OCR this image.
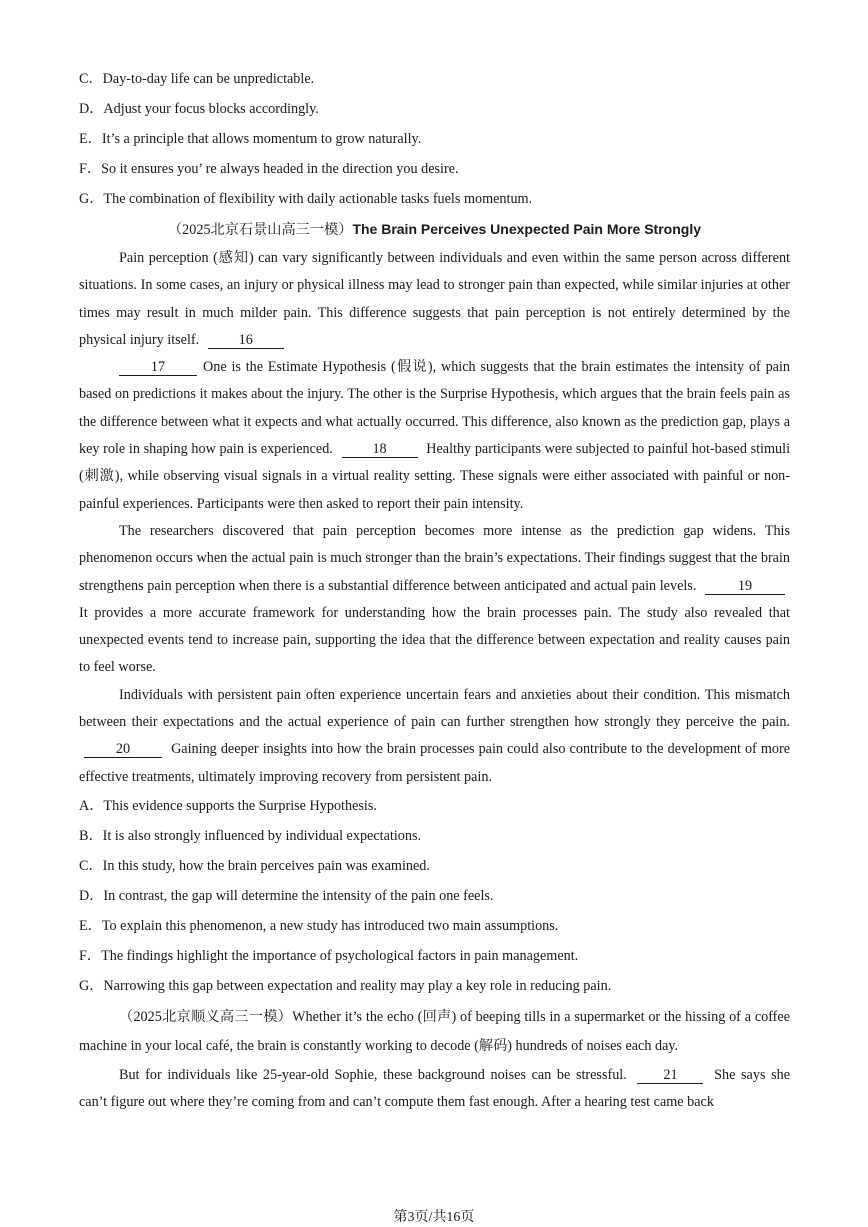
C．Day-to-day life can be unpredictable.
D．Adjust your focus blocks accordingly.
E．It’s a principle that allows momentum to grow naturally.
F．So it ensures you’ re always headed in the direction you desire.
G．The combination of flexibility with daily actionable tasks fuels momentum.
（2025北京石景山高三一模）The Brain Perceives Unexpected Pain More Strongly

Pain perception (感知) can vary significantly between individuals and even within the same person across different situations. In some cases, an injury or physical illness may lead to stronger pain than expected, while similar injuries at other times may result in much milder pain. This difference suggests that pain perception is not entirely determined by the physical injury itself.	16

17	One is the Estimate Hypothesis (假说), which suggests that the brain estimates the intensity of pain based on predictions it makes about the injury. The other is the Surprise Hypothesis, which argues that the brain feels pain as the difference between what it expects and what actually occurred. This difference, also known as the prediction gap, plays a key role in shaping how pain is experienced.	18	Healthy participants were subjected to painful hot-based stimuli (刺激), while observing visual signals in a virtual reality setting. These signals were either associated with painful or non-painful experiences. Participants were then asked to report their pain intensity.

The researchers discovered that pain perception becomes more intense as the prediction gap widens. This phenomenon occurs when the actual pain is much stronger than the brain’s expectations. Their findings suggest that the brain strengthens pain perception when there is a substantial difference between anticipated and actual pain levels.	19 It provides a more accurate framework for understanding how the brain processes pain. The study also revealed that unexpected events tend to increase pain, supporting the idea that the difference between expectation and reality causes pain to feel worse.

Individuals with persistent pain often experience uncertain fears and anxieties about their condition. This mismatch between their expectations and the actual experience of pain can further strengthen how strongly they perceive the pain. 20	Gaining deeper insights into how the brain processes pain could also contribute to the development of more effective treatments, ultimately improving recovery from persistent pain.

A．This evidence supports the Surprise Hypothesis.
B．It is also strongly influenced by individual expectations.
C．In this study, how the brain perceives pain was examined.
D．In contrast, the gap will determine the intensity of the pain one feels.
E．To explain this phenomenon, a new study has introduced two main assumptions.
F．The findings highlight the importance of psychological factors in pain management.
G．Narrowing this gap between expectation and reality may play a key role in reducing pain.

（2025北京顺义高三一模）Whether it’s the echo (回声) of beeping tills in a supermarket or the hissing of a coffee machine in your local café, the brain is constantly working to decode (解码) hundreds of noises each day.

But for individuals like 25-year-old Sophie, these background noises can be stressful.	21	She says she can’t figure out where they’re coming from and can’t compute them fast enough. After a hearing test came back

第3页/共16页
